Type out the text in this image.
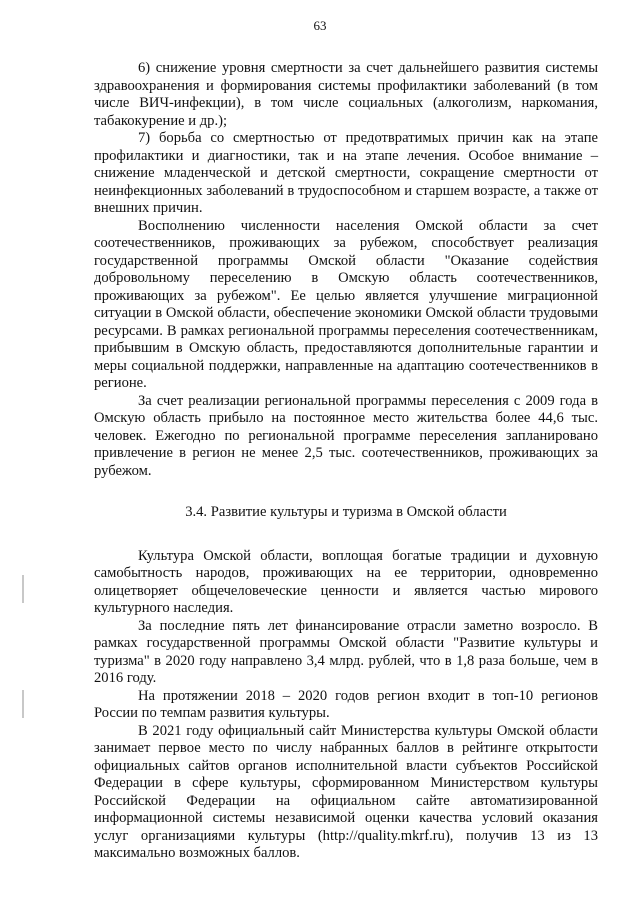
63

6) снижение уровня смертности за счет дальнейшего развития системы здравоохранения и формирования системы профилактики заболеваний (в том числе ВИЧ-инфекции), в том числе социальных (алкоголизм, наркомания, табакокурение и др.);

7) борьба со смертностью от предотвратимых причин как на этапе профилактики и диагностики, так и на этапе лечения. Особое внимание – снижение младенческой и детской смертности, сокращение смертности от неинфекционных заболеваний в трудоспособном и старшем возрасте, а также от внешних причин.

Восполнению численности населения Омской области за счет соотечественников, проживающих за рубежом, способствует реализация государственной программы Омской области "Оказание содействия добровольному переселению в Омскую область соотечественников, проживающих за рубежом". Ее целью является улучшение миграционной ситуации в Омской области, обеспечение экономики Омской области трудовыми ресурсами. В рамках региональной программы переселения соотечественникам, прибывшим в Омскую область, предоставляются дополнительные гарантии и меры социальной поддержки, направленные на адаптацию соотечественников в регионе.

За счет реализации региональной программы переселения с 2009 года в Омскую область прибыло на постоянное место жительства более 44,6 тыс. человек. Ежегодно по региональной программе переселения запланировано привлечение в регион не менее 2,5 тыс. соотечественников, проживающих за рубежом.

3.4. Развитие культуры и туризма в Омской области

Культура Омской области, воплощая богатые традиции и духовную самобытность народов, проживающих на ее территории, одновременно олицетворяет общечеловеческие ценности и является частью мирового культурного наследия.

За последние пять лет финансирование отрасли заметно возросло. В рамках государственной программы Омской области "Развитие культуры и туризма" в 2020 году направлено 3,4 млрд. рублей, что в 1,8 раза больше, чем в 2016 году.

На протяжении 2018 – 2020 годов регион входит в топ-10 регионов России по темпам развития культуры.

В 2021 году официальный сайт Министерства культуры Омской области занимает первое место по числу набранных баллов в рейтинге открытости официальных сайтов органов исполнительной власти субъектов Российской Федерации в сфере культуры, сформированном Министерством культуры Российской Федерации на официальном сайте автоматизированной информационной системы независимой оценки качества условий оказания услуг организациями культуры (http://quality.mkrf.ru), получив 13 из 13 максимально возможных баллов.
